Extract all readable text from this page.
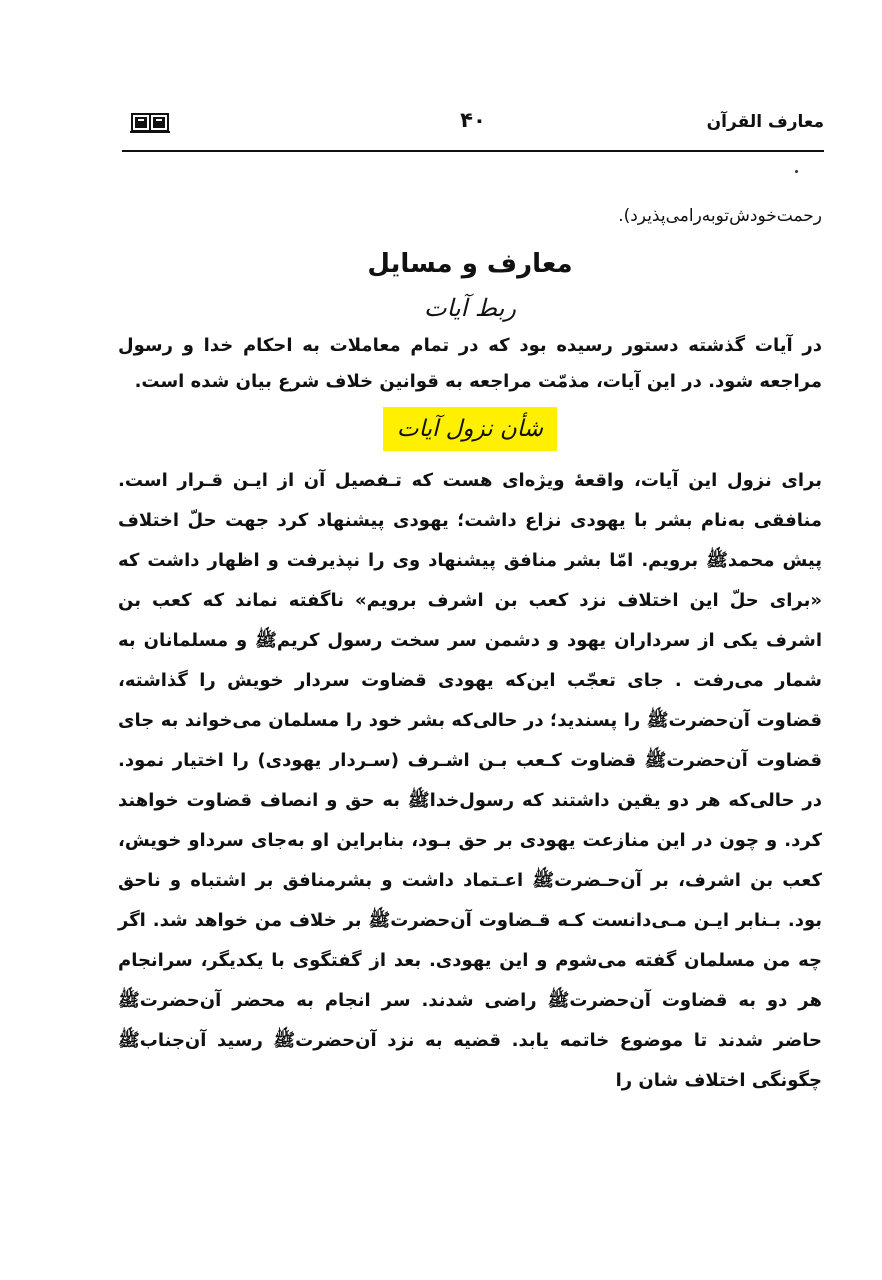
معارف القرآن
۴۰

رحمت‌خودش‌توبه‌رامی‌پذیرد).

معارف و مسایل
ربط آیات

در آیات گذشته دستور رسیده بود که در تمام معاملات به احکام خدا و رسول مراجعه شود. در این آیات، مذمّت مراجعه به قوانین خلاف شرع بیان شده است.

شأن نزول آیات

برای نزول این آیات، واقعهٔ ویژه‌ای هست که تـفصیل آن از ایـن قـرار است. منافقی به‌نام بشر با یهودی نزاع داشت؛ یهودی پیشنهاد کرد جهت حلّ اختلاف پیش محمدﷺ برویم. امّا بشر منافق پیشنهاد وی را نپذیرفت و اظهار داشت که «برای حلّ این اختلاف نزد کعب بن اشرف برویم» ناگفته نماند که کعب بن اشرف یکی از سرداران یهود و دشمن سر سخت رسول کریمﷺ و مسلمانان به شمار می‌رفت . جای تعجّب این‌که یهودی قضاوت سردار خویش را گذاشته، قضاوت آن‌حضرتﷺ را پسندید؛ در حالی‌که بشر خود را مسلمان می‌خواند به جای قضاوت آن‌حضرتﷺ قضاوت کـعب بـن اشـرف (سـردار یهودی) را اختیار نمود. در حالی‌که هر دو یقین داشتند که رسول‌خداﷺ به حق و انصاف قضاوت خواهند کرد. و چون در این منازعت یهودی بر حق بـود، بنابراین او به‌جای سرداو خویش، کعب بن اشرف، بر آن‌حـضرتﷺ اعـتماد داشت و بشرمنافق بر اشتباه و ناحق بود. بـنابر ایـن مـی‌دانست کـه قـضاوت آن‌حضرتﷺ بر خلاف من خواهد شد. اگر چه من مسلمان گفته می‌شوم و این یهودی. بعد از گفتگوی با یکدیگر، سرانجام هر دو به قضاوت آن‌حضرتﷺ راضی شدند. سر انجام به محضر آن‌حضرتﷺ حاضر شدند تا موضوع خاتمه یابد. قضیه به نزد آن‌حضرتﷺ رسید آن‌جنابﷺ چگونگی اختلاف شان را
